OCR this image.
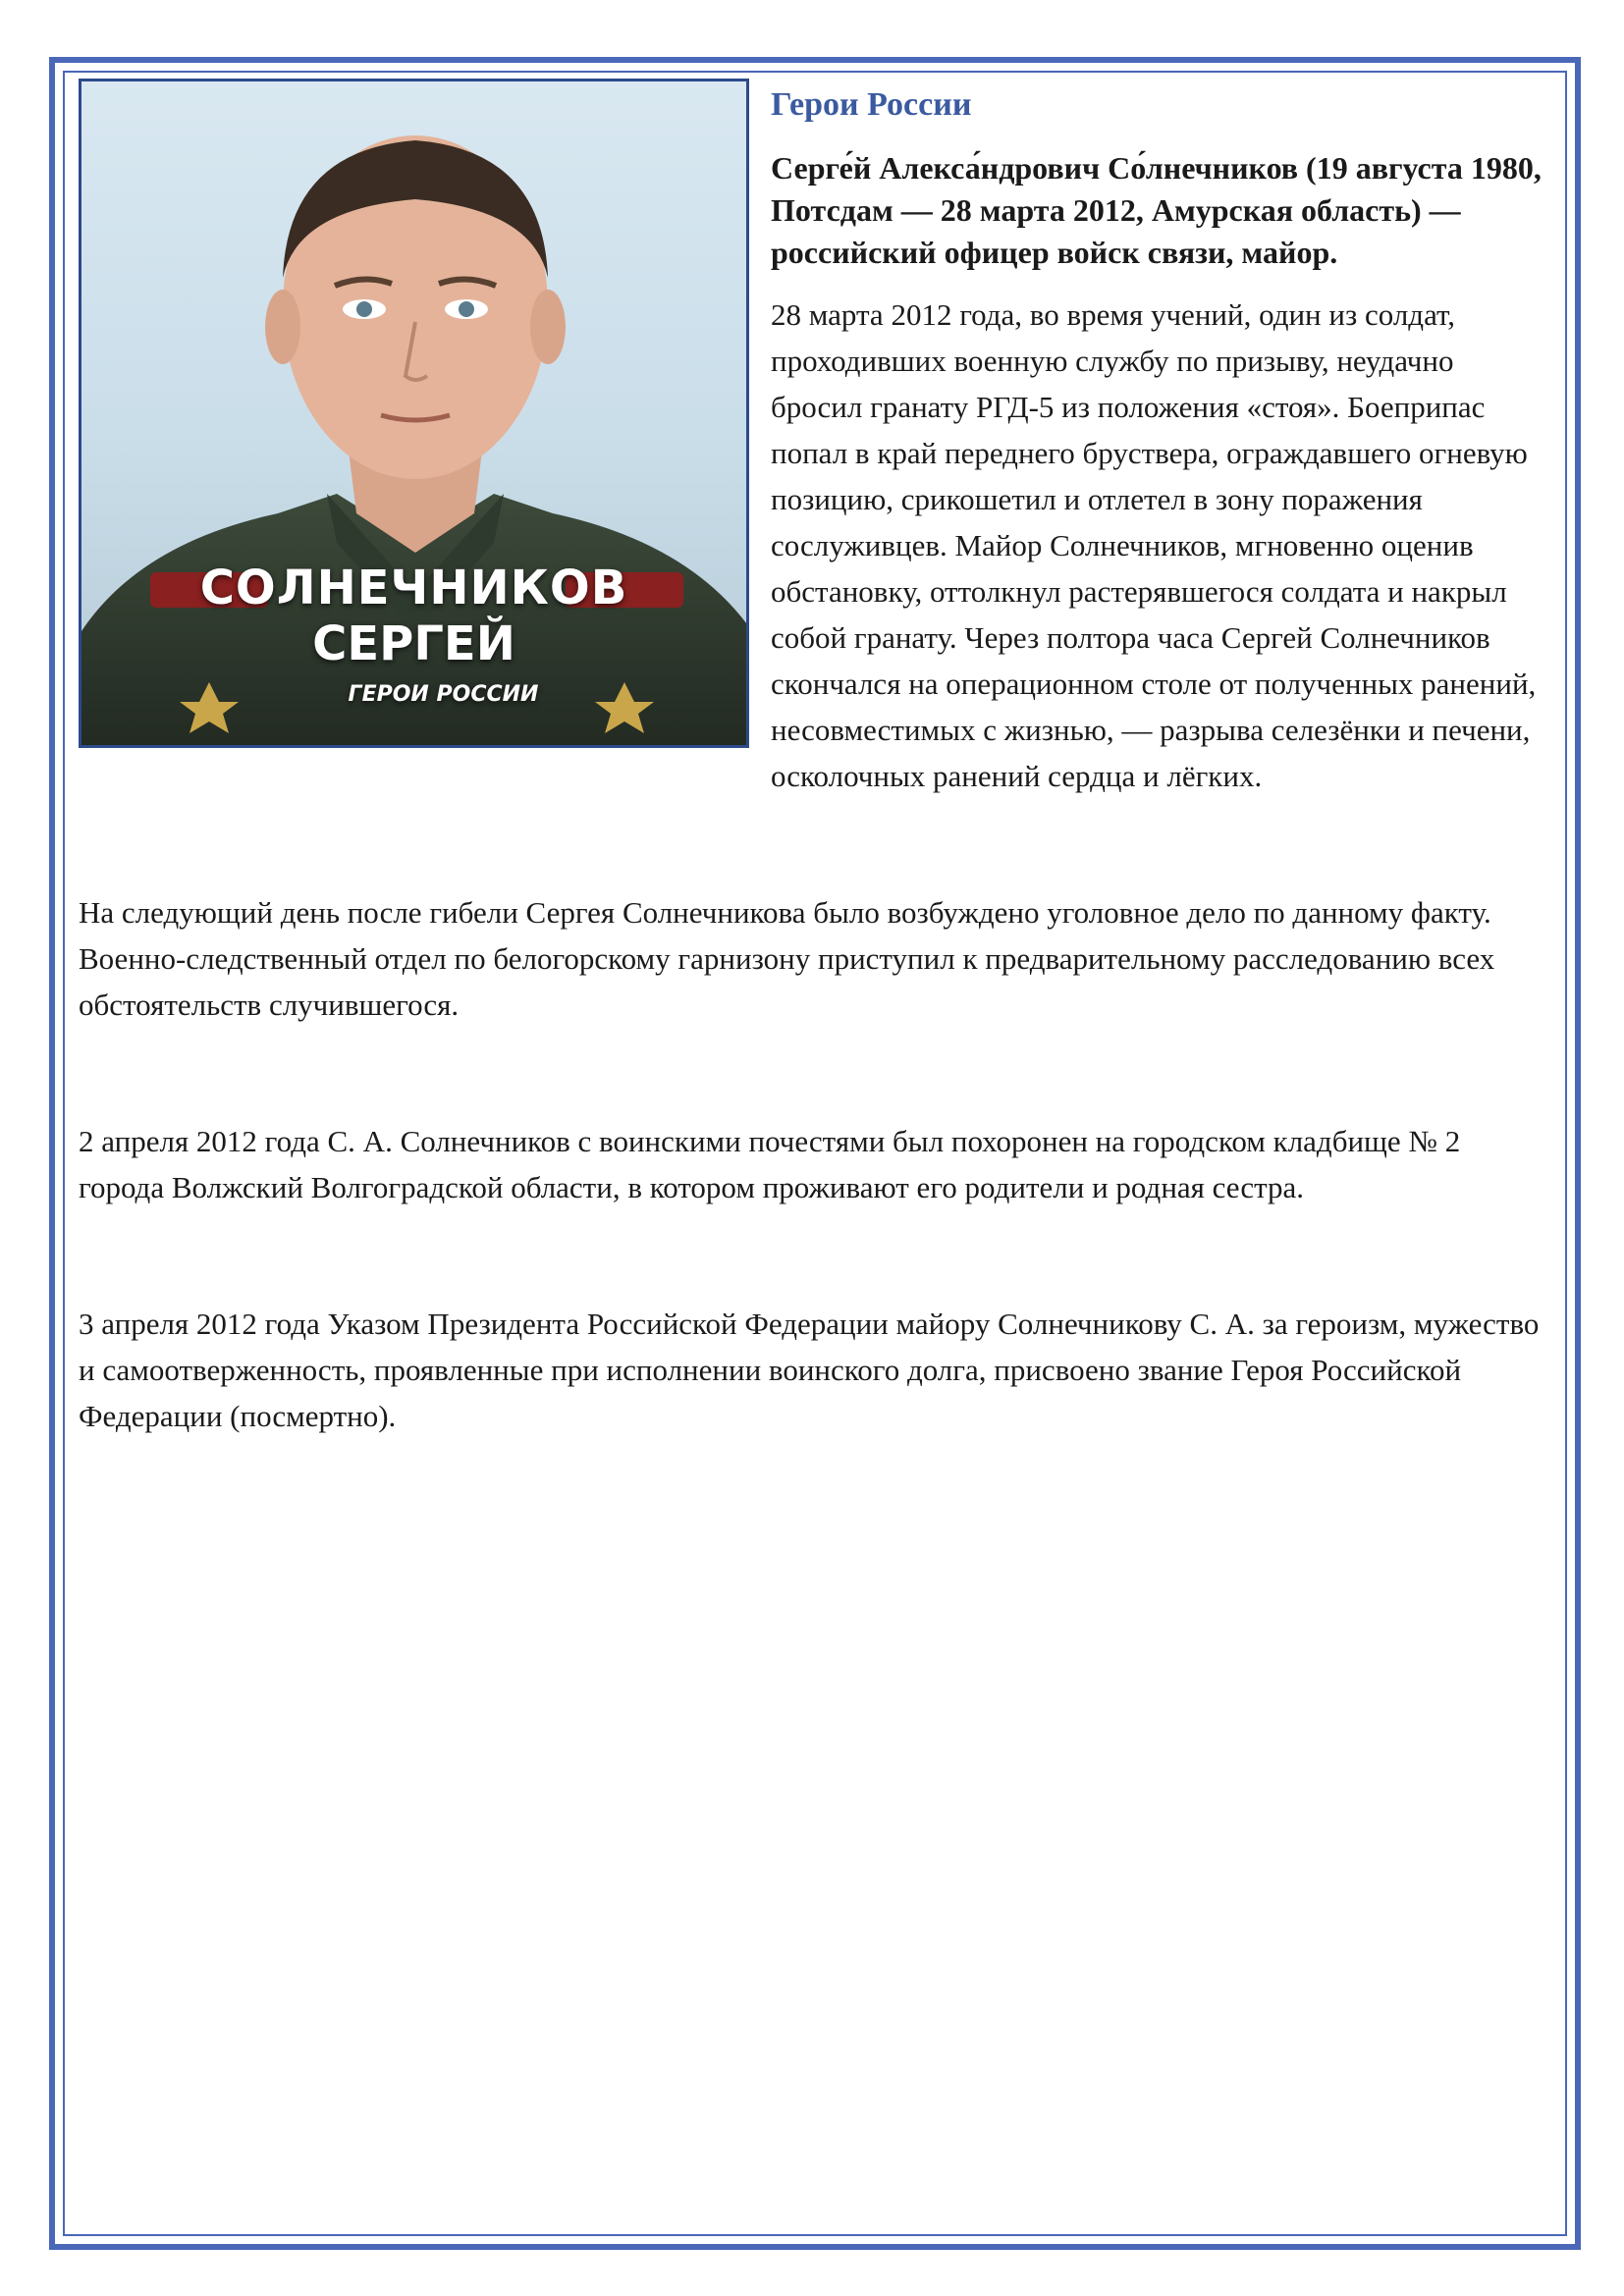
СОЛНЕЧНИКОВ
СЕРГЕЙ
ГЕРОИ РОССИИ
Герои России

Серге́й Алекса́ндрович Со́лнечников (19 августа 1980, Потсдам — 28 марта 2012, Амурская область) — российский офицер войск связи, майор.

28 марта 2012 года, во время учений, один из солдат, проходивших военную службу по призыву, неудачно бросил гранату РГД-5 из положения «стоя». Боеприпас попал в край переднего бруствера, ограждавшего огневую позицию, срикошетил и отлетел в зону поражения сослуживцев. Майор Солнечников, мгновенно оценив обстановку, оттолкнул растерявшегося солдата и накрыл собой гранату. Через полтора часа Сергей Солнечников скончался на операционном столе от полученных ранений, несовместимых с жизнью, — разрыва селезёнки и печени, осколочных ранений сердца и лёгких.

На следующий день после гибели Сергея Солнечникова было возбуждено уголовное дело по данному факту. Военно-следственный отдел по белогорскому гарнизону приступил к предварительному расследованию всех обстоятельств случившегося.

2 апреля 2012 года С. А. Солнечников с воинскими почестями был похоронен на городском кладбище № 2 города Волжский Волгоградской области, в котором проживают его родители и родная сестра.

3 апреля 2012 года Указом Президента Российской Федерации майору Солнечникову С. А. за героизм, мужество и самоотверженность, проявленные при исполнении воинского долга, присвоено звание Героя Российской Федерации (посмертно).
